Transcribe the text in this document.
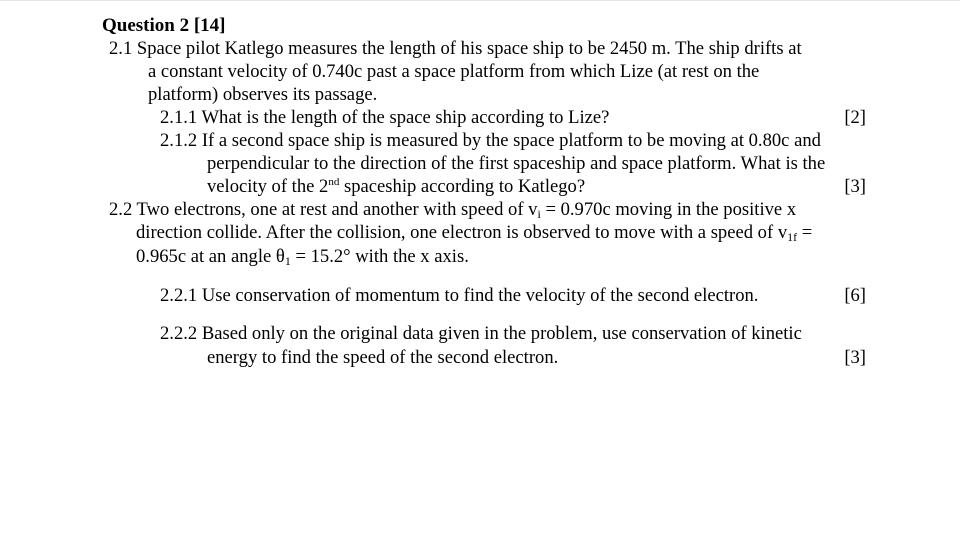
Question 2 [14]
2.1 Space pilot Katlego measures the length of his space ship to be 2450 m. The ship drifts at
a constant velocity of 0.740c past a space platform from which Lize (at rest on the
platform) observes its passage.
2.1.1 What is the length of the space ship according to Lize?	[2]
2.1.2 If a second space ship is measured by the space platform to be moving at 0.80c and
perpendicular to the direction of the first spaceship and space platform. What is the
velocity of the 2nd spaceship according to Katlego?	[3]
2.2 Two electrons, one at rest and another with speed of $v_i = 0.970c$ moving in the positive x
direction collide. After the collision, one electron is observed to move with a speed of $v_{1f}$ =
0.965c at an angle $\theta_1 = 15.2^\circ$ with the x axis.
2.2.1 Use conservation of momentum to find the velocity of the second electron.	[6]
2.2.2 Based only on the original data given in the problem, use conservation of kinetic
energy to find the speed of the second electron.	[3]
